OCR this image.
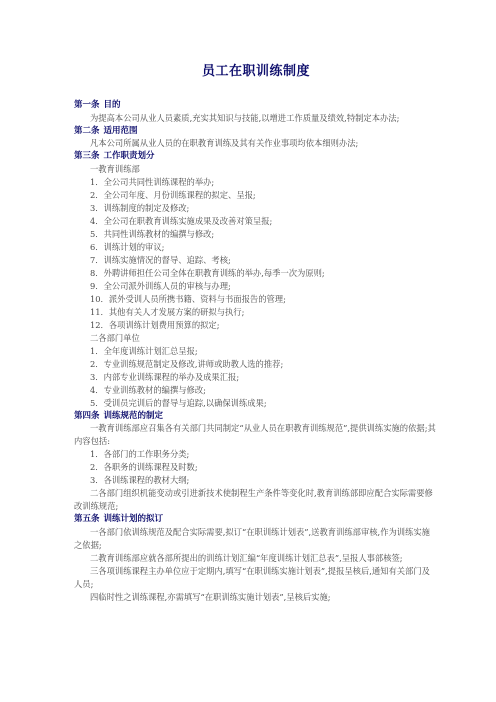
员工在职训练制度
第一条 目的
为提高本公司从业人员素质,充实其知识与技能,以增进工作质量及绩效,特制定本办法;
第二条 适用范围
凡本公司所属从业人员的在职教育训练及其有关作业事项均依本细则办法;
第三条 工作职责划分
一教育训练部
1．全公司共同性训练课程的举办;
2．全公司年度、月份训练课程的拟定、呈报;
3．训练制度的制定及修改;
4．全公司在职教育训练实施成果及改善对策呈报;
5．共同性训练教材的编撰与修改;
6．训练计划的审议;
7．训练实施情况的督导、追踪、考核;
8．外聘讲师担任公司全体在职教育训练的举办,每季一次为原则;
9．全公司派外训练人员的审核与办理;
10．派外受训人员所携书籍、资料与书面报告的管理;
11．其他有关人才发展方案的研拟与执行;
12．各项训练计划费用预算的拟定;
二各部门单位
1．全年度训练计划汇总呈报;
2．专业训练规范制定及修改,讲师或助教人选的推荐;
3．内部专业训练课程的举办及成果汇报;
4．专业训练教材的编撰与修改;
5．受训员完训后的督导与追踪,以确保训练成果;
第四条 训练规范的制定
一教育训练部应召集各有关部门共同制定“从业人员在职教育训练规范”,提供训练实施的依据;其内容包括:
1．各部门的工作职务分类;
2．各职务的训练课程及时数;
3．各训练课程的教材大纲;
二各部门组织机能变动或引进新技术使制程生产条件等变化时,教育训练部即应配合实际需要修改训练规范;
第五条 训练计划的拟订
一各部门依训练规范及配合实际需要,拟订“在职训练计划表”,送教育训练部审核,作为训练实施之依据;
二教育训练部应就各部所提出的训练计划汇编“年度训练计划汇总表”,呈报人事部核签;
三各项训练课程主办单位应于定期内,填写“在职训练实施计划表”,提报呈核后,通知有关部门及人员;
四临时性之训练课程,亦需填写“在职训练实施计划表”,呈核后实施;
